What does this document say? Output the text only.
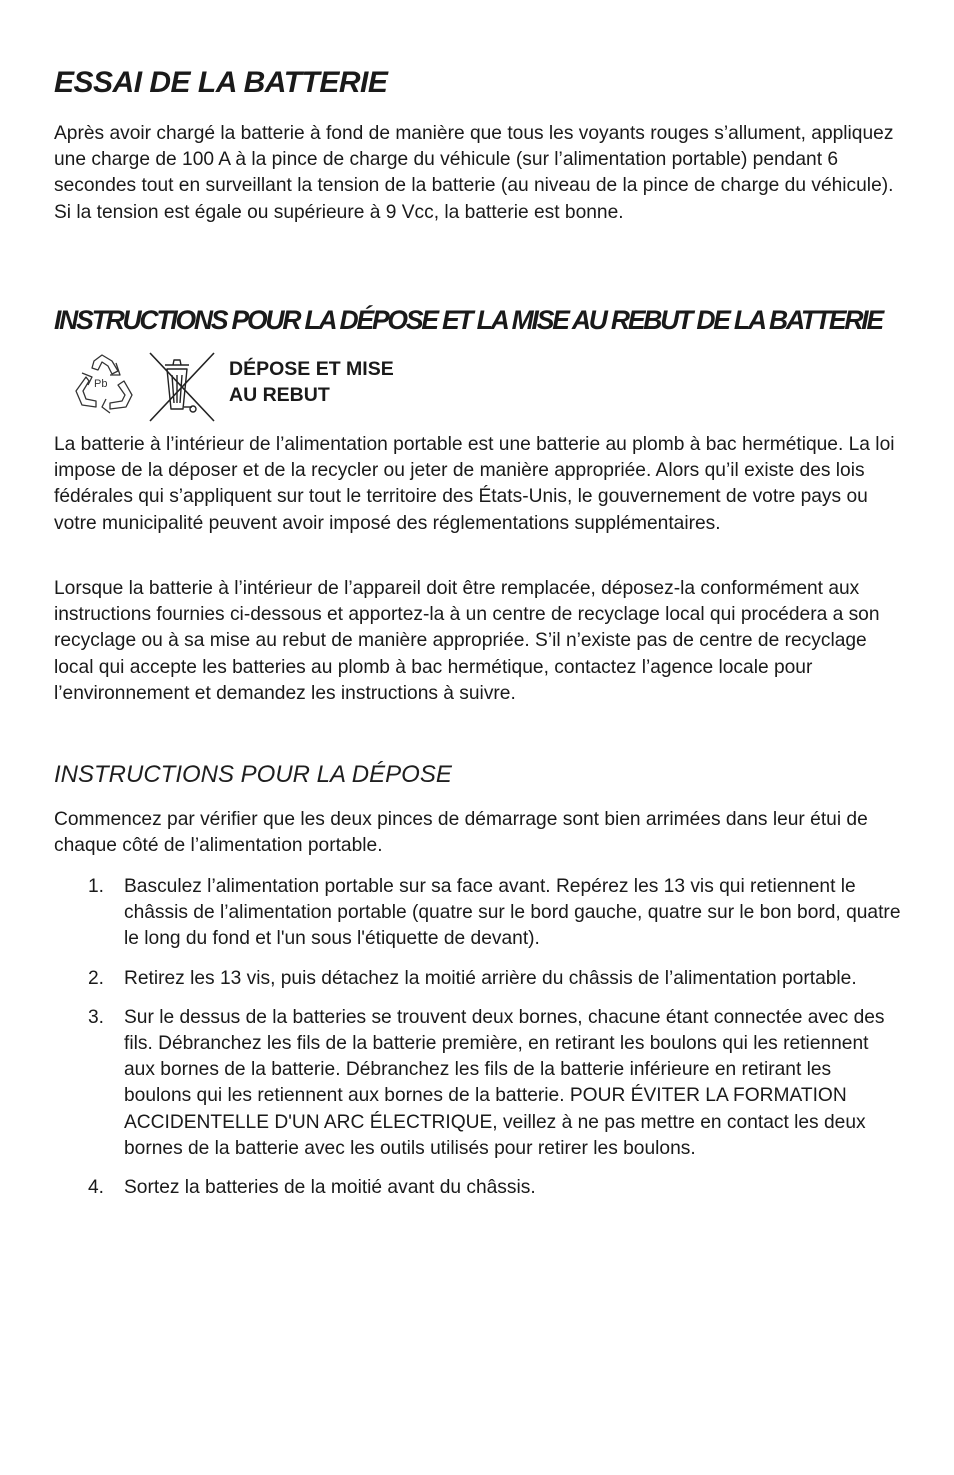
ESSAI DE LA BATTERIE

Après avoir chargé la batterie à fond de manière que tous les voyants rouges s’allument, appliquez une charge de 100 A à la pince de charge du véhicule (sur l’alimentation portable) pendant 6 secondes tout en surveillant la tension de la batterie (au niveau de la pince de charge du véhicule). Si la tension est égale ou supérieure à 9 Vcc, la batterie est bonne.

INSTRUCTIONS POUR LA DÉPOSE ET LA MISE AU REBUT DE LA BATTERIE
Pb

DÉPOSE ET MISE
AU REBUT

La batterie à l’intérieur de l’alimentation portable est une batterie au plomb à bac hermétique. La loi impose de la déposer et de la recycler ou jeter de manière appropriée. Alors qu’il existe des lois fédérales qui s’appliquent sur tout le territoire des États-Unis, le gouvernement de votre pays ou votre municipalité peuvent avoir imposé des réglementations supplémentaires.

Lorsque la batterie à l’intérieur de l’appareil doit être remplacée, déposez-la conformément aux instructions fournies ci-dessous et apportez-la à un centre de recyclage local qui procédera a son recyclage ou à sa mise au rebut de manière appropriée. S’il n’existe pas de centre de recyclage local qui accepte les batteries au plomb à bac hermétique, contactez l’agence locale pour l’environnement et demandez les instructions à suivre.

INSTRUCTIONS POUR LA DÉPOSE

Commencez par vérifier que les deux pinces de démarrage sont bien arrimées dans leur étui de chaque côté de l’alimentation portable.

1. Basculez l’alimentation portable sur sa face avant. Repérez les 13 vis qui retiennent le châssis de l’alimentation portable (quatre sur le bord gauche, quatre sur le bon bord, quatre le long du fond et l'un sous l'étiquette de devant).
2. Retirez les 13 vis, puis détachez la moitié arrière du châssis de l’alimentation portable.
3. Sur le dessus de la batteries se trouvent deux bornes, chacune étant connectée avec des fils. Débranchez les fils de la batterie première, en retirant les boulons qui les retiennent aux bornes de la batterie. Débranchez les fils de la batterie inférieure en retirant les boulons qui les retiennent aux bornes de la batterie. POUR ÉVITER LA FORMATION ACCIDENTELLE D'UN ARC ÉLECTRIQUE, veillez à ne pas mettre en contact les deux bornes de la batterie avec les outils utilisés pour retirer les boulons.
4. Sortez la batteries de la moitié avant du châssis.
